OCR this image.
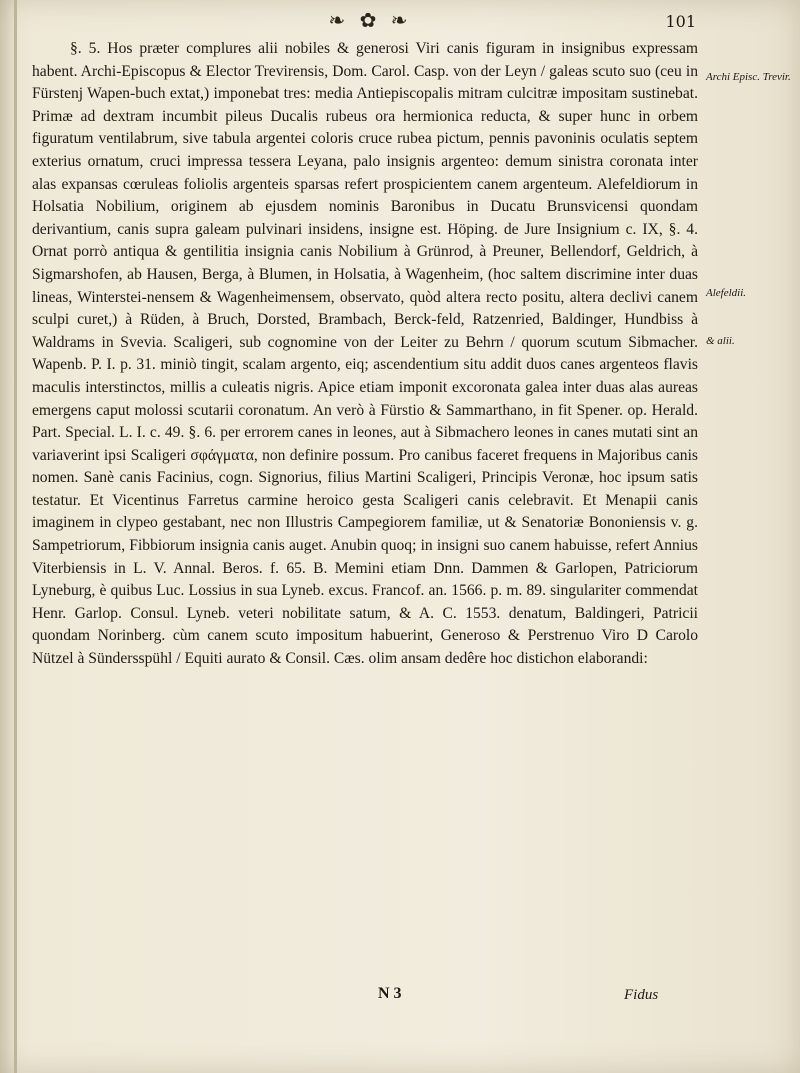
❧ ✿ ❧	101

§. 5. Hos præter complures alii nobiles & generosi Viri canis figuram in insignibus expressam habent. Archi-Episcopus & Elector Trevirensis, Dom. Carol. Casp. von der Leyn / galeas scuto suo (ceu in Fürstenj Wapen-buch extat,) imponebat tres: media Antiepiscopalis mitram culcitræ impositam sustinebat. Primæ ad dextram incumbit pileus Ducalis rubeus ora hermionica reducta, & super hunc in orbem figuratum ventilabrum, sive tabula argentei coloris cruce rubea pictum, pennis pavoninis oculatis septem exterius ornatum, cruci impressa tessera Leyana, palo insignis argenteo: demum sinistra coronata inter alas expansas cœruleas foliolis argenteis sparsas refert prospicientem canem argenteum. Alefeldiorum in Holsatia Nobilium, originem ab ejusdem nominis Baronibus in Ducatu Brunsvicensi quondam derivantium, canis supra galeam pulvinari insidens, insigne est. Höping. de Jure Insignium c. IX, §. 4. Ornat porrò antiqua & gentilitia insignia canis Nobilium à Grünrod, à Preuner, Bellendorf, Geldrich, à Sigmarshofen, ab Hausen, Berga, à Blumen, in Holsatia, à Wagenheim, (hoc saltem discrimine inter duas lineas, Winterstei-nensem & Wagenheimensem, observato, quòd altera recto positu, altera declivi canem sculpi curet,) à Rüden, à Bruch, Dorsted, Brambach, Berck-feld, Ratzenried, Baldinger, Hundbiss à Waldrams in Svevia. Scaligeri, sub cognomine von der Leiter zu Behrn / quorum scutum Sibmacher. Wapenb. P. I. p. 31. miniò tingit, scalam argento, eiq; ascendentium situ addit duos canes argenteos flavis maculis interstinctos, millis a culeatis nigris. Apice etiam imponit excoronata galea inter duas alas aureas emergens caput molossi scutarii coronatum. An verò à Fürstio & Sammarthano, in fit Spener. op. Herald. Part. Special. L. I. c. 49. §. 6. per errorem canes in leones, aut à Sibmachero leones in canes mutati sint an variaverint ipsi Scaligeri σφάγματα, non definire possum. Pro canibus faceret frequens in Majoribus canis nomen. Sanè canis Facinius, cogn. Signorius, filius Martini Scaligeri, Principis Veronæ, hoc ipsum satis testatur. Et Vicentinus Farretus carmine heroico gesta Scaligeri canis celebravit. Et Menapii canis imaginem in clypeo gestabant, nec non Illustris Campegiorem familiæ, ut & Senatoriæ Bononiensis v. g. Sampetriorum, Fibbiorum insignia canis auget. Anubin quoq; in insigni suo canem habuisse, refert Annius Viterbiensis in L. V. Annal. Beros. f. 65. B. Memini etiam Dnn. Dammen & Garlopen, Patriciorum Lyneburg, è quibus Luc. Lossius in sua Lyneb. excus. Francof. an. 1566. p. m. 89. singulariter commendat Henr. Garlop. Consul. Lyneb. veteri nobilitate satum, & A. C. 1553. denatum, Baldingeri, Patricii quondam Norinberg. cùm canem scuto impositum habuerint, Generoso & Perstrenuo Viro D Carolo Nützel à Sündersspühl / Equiti aurato & Consil. Cæs. olim ansam dedêre hoc distichon elaborandi:

Archi Episc. Trevir.
Alefeldii.
& alii.
N 3	Fidus
